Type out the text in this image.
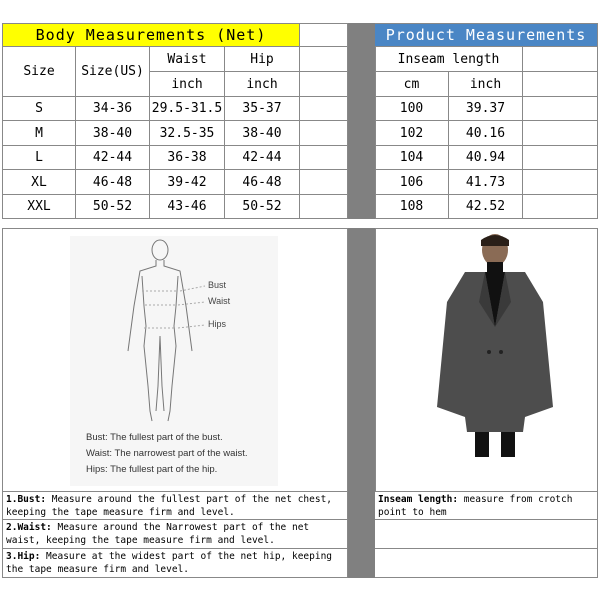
Body Measurements (Net)
Size	Size(US)
Waist	Hip
inch	inch
S	34-36	29.5-31.5	35-37
M	38-40	32.5-35	38-40
L	42-44	36-38	42-44
XL	46-48	39-42	46-48
XXL	50-52	43-46	50-52
Product Measurements
Inseam length
cm	inch
100	39.37
102	40.16
104	40.94
106	41.73
108	42.52
Bust
Waist
Hips
Bust: The fullest part of the bust.
Waist: The narrowest part of the waist.
Hips: The fullest part of the hip.
1.Bust: Measure around the fullest part of the net chest, keeping the tape measure firm and level.
2.Waist: Measure around the Narrowest part of the net waist, keeping the tape measure firm and level.
3.Hip: Measure at the widest part of the net hip, keeping the tape measure firm and level.
Inseam length: measure from crotch point to hem
